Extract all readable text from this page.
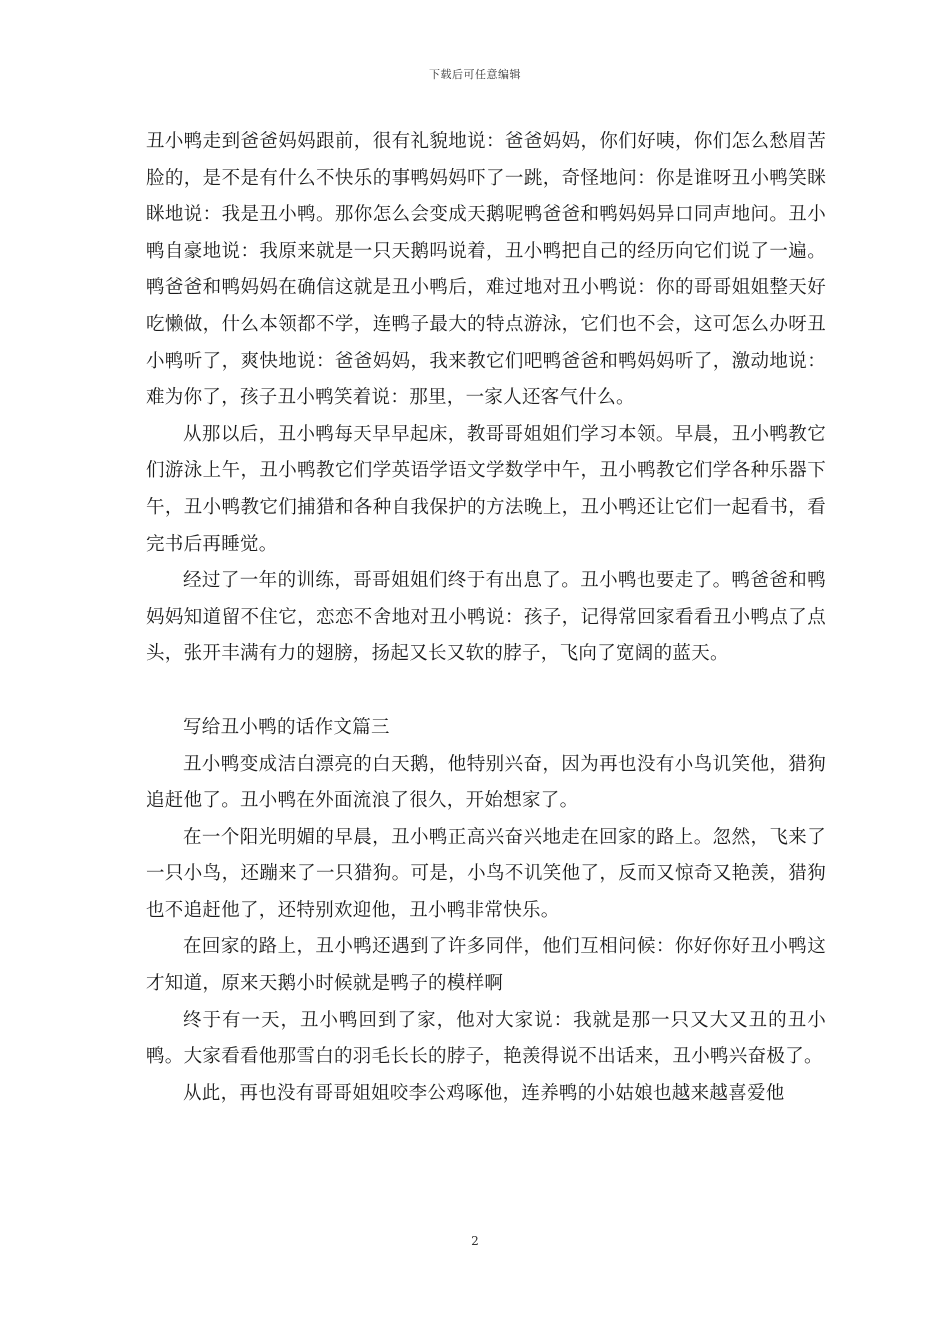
下载后可任意编辑

丑小鸭走到爸爸妈妈跟前，很有礼貌地说：爸爸妈妈，你们好咦，你们怎么愁眉苦脸的，是不是有什么不快乐的事鸭妈妈吓了一跳，奇怪地问：你是谁呀丑小鸭笑眯眯地说：我是丑小鸭。那你怎么会变成天鹅呢鸭爸爸和鸭妈妈异口同声地问。丑小鸭自豪地说：我原来就是一只天鹅吗说着，丑小鸭把自己的经历向它们说了一遍。鸭爸爸和鸭妈妈在确信这就是丑小鸭后，难过地对丑小鸭说：你的哥哥姐姐整天好吃懒做，什么本领都不学，连鸭子最大的特点游泳，它们也不会，这可怎么办呀丑小鸭听了，爽快地说：爸爸妈妈，我来教它们吧鸭爸爸和鸭妈妈听了，激动地说：难为你了，孩子丑小鸭笑着说：那里，一家人还客气什么。

从那以后，丑小鸭每天早早起床，教哥哥姐姐们学习本领。早晨，丑小鸭教它们游泳上午，丑小鸭教它们学英语学语文学数学中午，丑小鸭教它们学各种乐器下午，丑小鸭教它们捕猎和各种自我保护的方法晚上，丑小鸭还让它们一起看书，看完书后再睡觉。

经过了一年的训练，哥哥姐姐们终于有出息了。丑小鸭也要走了。鸭爸爸和鸭妈妈知道留不住它，恋恋不舍地对丑小鸭说：孩子，记得常回家看看丑小鸭点了点头，张开丰满有力的翅膀，扬起又长又软的脖子，飞向了宽阔的蓝天。

写给丑小鸭的话作文篇三

丑小鸭变成洁白漂亮的白天鹅，他特别兴奋，因为再也没有小鸟讥笑他，猎狗追赶他了。丑小鸭在外面流浪了很久，开始想家了。

在一个阳光明媚的早晨，丑小鸭正高兴奋兴地走在回家的路上。忽然，飞来了一只小鸟，还蹦来了一只猎狗。可是，小鸟不讥笑他了，反而又惊奇又艳羡，猎狗也不追赶他了，还特别欢迎他，丑小鸭非常快乐。

在回家的路上，丑小鸭还遇到了许多同伴，他们互相问候：你好你好丑小鸭这才知道，原来天鹅小时候就是鸭子的模样啊

终于有一天，丑小鸭回到了家，他对大家说：我就是那一只又大又丑的丑小鸭。大家看看他那雪白的羽毛长长的脖子，艳羡得说不出话来，丑小鸭兴奋极了。

从此，再也没有哥哥姐姐咬李公鸡啄他，连养鸭的小姑娘也越来越喜爱他

2
